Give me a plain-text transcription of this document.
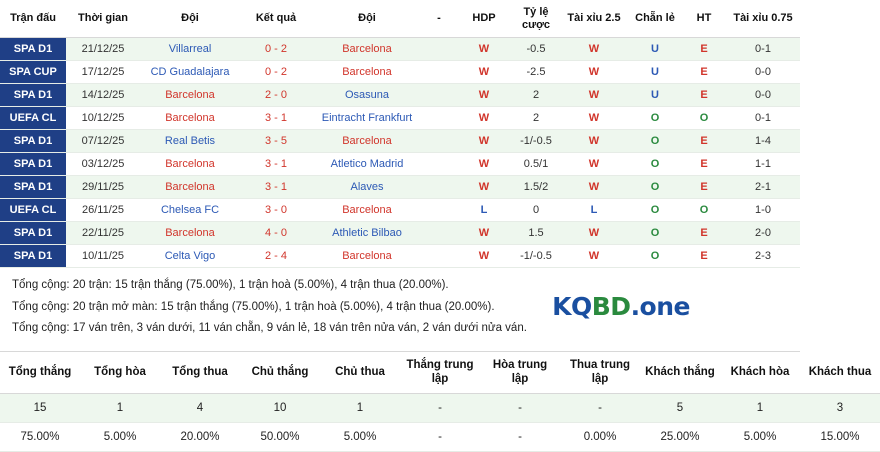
Trận đấu	Thời gian	Đội	Kết quả	Đội	-	HDP	Tỷ lệ cược	Tài xỉu 2.5	Chẵn lẻ	HT	Tài xỉu 0.75	
SPA D1	21/12/25	Villarreal	0 - 2	Barcelona		W	-0.5	W	U	E	0-1	
SPA CUP	17/12/25	CD Guadalajara	0 - 2	Barcelona		W	-2.5	W	U	E	0-0	
SPA D1	14/12/25	Barcelona	2 - 0	Osasuna		W	2	W	U	E	0-0	
UEFA CL	10/12/25	Barcelona	3 - 1	Eintracht Frankfurt		W	2	W	O	O	0-1	
SPA D1	07/12/25	Real Betis	3 - 5	Barcelona		W	-1/-0.5	W	O	E	1-4	
SPA D1	03/12/25	Barcelona	3 - 1	Atletico Madrid		W	0.5/1	W	O	E	1-1	
SPA D1	29/11/25	Barcelona	3 - 1	Alaves		W	1.5/2	W	O	E	2-1	
UEFA CL	26/11/25	Chelsea FC	3 - 0	Barcelona		L	0	L	O	O	1-0	
SPA D1	22/11/25	Barcelona	4 - 0	Athletic Bilbao		W	1.5	W	O	E	2-0	
SPA D1	10/11/25	Celta Vigo	2 - 4	Barcelona		W	-1/-0.5	W	O	E	2-3	

Tổng cộng: 20 trận: 15 trận thắng (75.00%), 1 trận hoà (5.00%), 4 trận thua (20.00%).

Tổng cộng: 20 trận mở màn: 15 trận thắng (75.00%), 1 trận hoà (5.00%), 4 trận thua (20.00%).

Tổng cộng: 17 ván trên, 3 ván dưới, 11 ván chẵn, 9 ván lẻ, 18 ván trên nửa ván, 2 ván dưới nửa ván.

KQBD.one
Tổng thắng	Tổng hòa	Tổng thua	Chủ thắng	Chủ thua	Thắng trung lập	Hòa trung lập	Thua trung lập	Khách thắng	Khách hòa	Khách thua
15	1	4	10	1	-	-	-	5	1	3
75.00%	5.00%	20.00%	50.00%	5.00%	-	-	0.00%	25.00%	5.00%	15.00%
